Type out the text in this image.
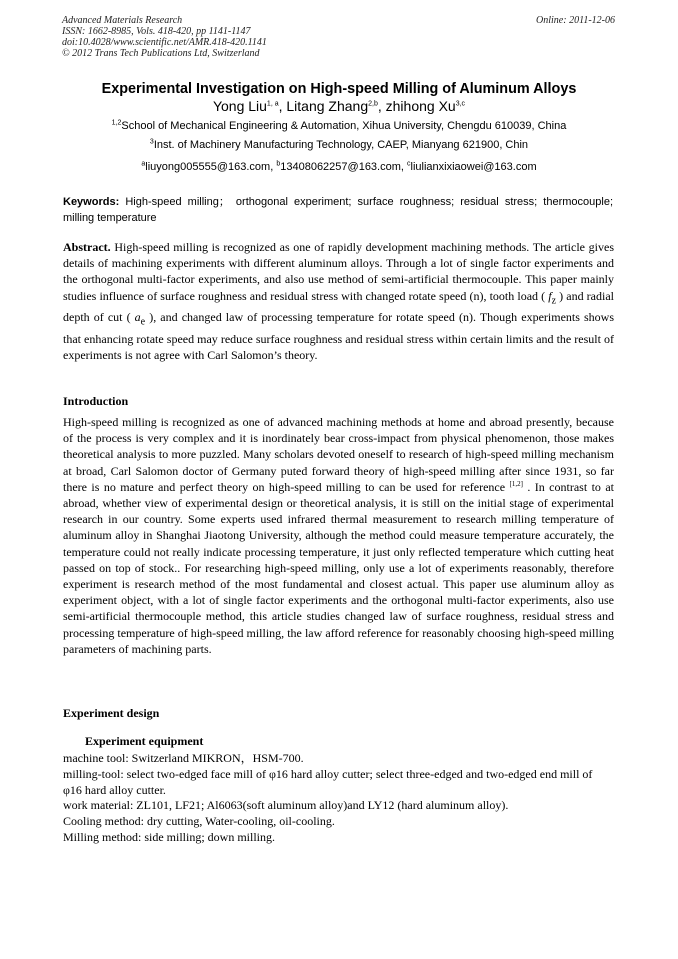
Advanced Materials Research
ISSN: 1662-8985, Vols. 418-420, pp 1141-1147
doi:10.4028/www.scientific.net/AMR.418-420.1141
© 2012 Trans Tech Publications Ltd, Switzerland
Online: 2011-12-06
Experimental Investigation on High-speed Milling of Aluminum Alloys
Yong Liu$^{1, a}$, Litang Zhang$^{2,b}$, zhihong Xu$^{3,c}$
$^{1,2}$School of Mechanical Engineering & Automation, Xihua University, Chengdu 610039, China
$^3$Inst. of Machinery Manufacturing Technology, CAEP, Mianyang 621900, Chin
$^a$liuyong005555@163.com, $^b$13408062257@163.com, $^c$liulianxixiaowei@163.com
Keywords: High-speed milling； orthogonal experiment; surface roughness; residual stress; thermocouple; milling temperature
Abstract. High-speed milling is recognized as one of rapidly development machining methods. The article gives details of machining experiments with different aluminum alloys. Through a lot of single factor experiments and the orthogonal multi-factor experiments, and also use method of semi-artificial thermocouple. This paper mainly studies influence of surface roughness and residual stress with changed rotate speed (n), tooth load ( $f_z$ ) and radial depth of cut ( $a_e$ ), and changed law of processing temperature for rotate speed (n). Though experiments shows that enhancing rotate speed may reduce surface roughness and residual stress within certain limits and the result of experiments is not agree with Carl Salomon’s theory.
Introduction
High-speed milling is recognized as one of advanced machining methods at home and abroad presently, because of the process is very complex and it is inordinately bear cross-impact from physical phenomenon, those makes theoretical analysis to more puzzled. Many scholars devoted oneself to research of high-speed milling mechanism at broad, Carl Salomon doctor of Germany puted forward theory of high-speed milling after since 1931, so far there is no mature and perfect theory on high-speed milling to can be used for reference [1,2] . In contrast to at abroad, whether view of experimental design or theoretical analysis, it is still on the initial stage of experimental research in our country. Some experts used infrared thermal measurement to research milling temperature of aluminum alloy in Shanghai Jiaotong University, although the method could measure temperature accurately, the temperature could not really indicate processing temperature, it just only reflected temperature which cutting heat passed on top of stock.. For researching high-speed milling, only use a lot of experiments reasonably, therefore experiment is research method of the most fundamental and closest actual. This paper use aluminum alloy as experiment object, with a lot of single factor experiments and the orthogonal multi-factor experiments, also use semi-artificial thermocouple method, this article studies changed law of surface roughness, residual stress and processing temperature of high-speed milling, the law afford reference for reasonably choosing high-speed milling parameters of machining parts.
Experiment design
Experiment equipment
machine tool: Switzerland MIKRON，HSM-700.
milling-tool: select two-edged face mill of φ16 hard alloy cutter; select three-edged and two-edged end mill of φ16 hard alloy cutter.
work material: ZL101, LF21; Al6063(soft aluminum alloy)and LY12 (hard aluminum alloy).
Cooling method: dry cutting, Water-cooling, oil-cooling.
Milling method: side milling; down milling.
